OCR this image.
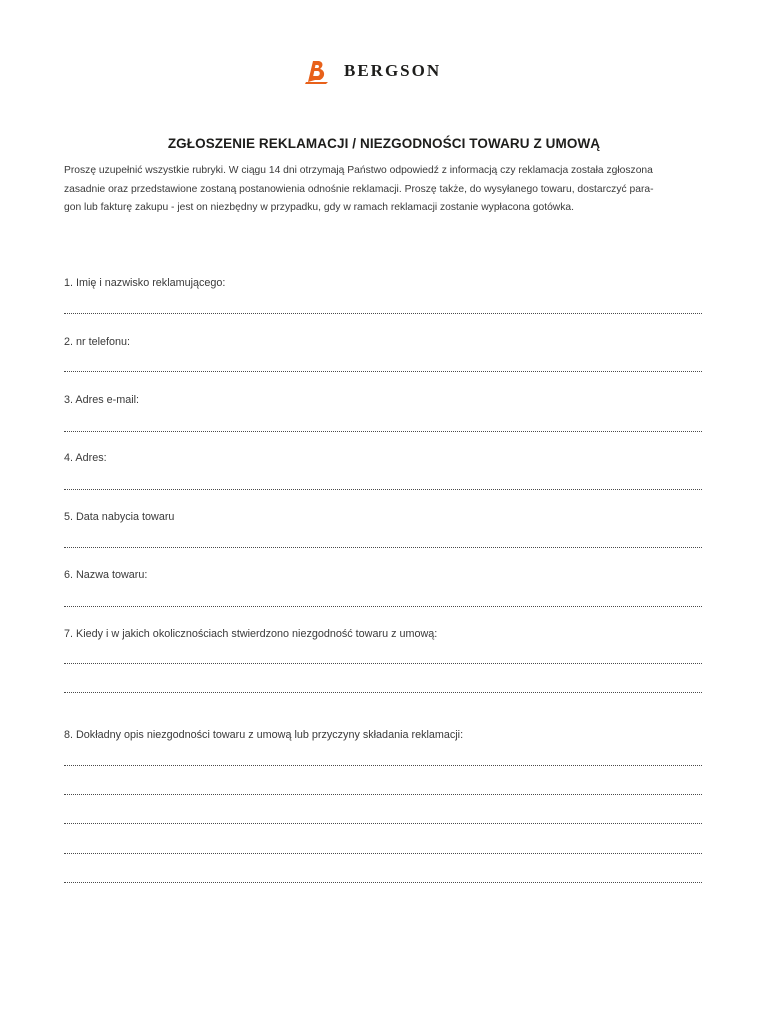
BERGSON
ZGŁOSZENIE REKLAMACJI / NIEZGODNOŚCI TOWARU Z UMOWĄ
Proszę uzupełnić wszystkie rubryki. W ciągu 14 dni otrzymają Państwo odpowiedź z informacją czy reklamacja została zgłoszona
zasadnie oraz przedstawione zostaną postanowienia odnośnie reklamacji. Proszę także, do wysyłanego towaru, dostarczyć para-
gon lub fakturę zakupu - jest on niezbędny w przypadku, gdy w ramach reklamacji zostanie wypłacona gotówka.
1. Imię i nazwisko reklamującego:
2. nr telefonu:
3. Adres e-mail:
4. Adres:
5. Data nabycia towaru
6. Nazwa towaru:
7. Kiedy i w jakich okolicznościach stwierdzono niezgodność towaru z umową:
8. Dokładny opis niezgodności towaru z umową lub przyczyny składania reklamacji:
